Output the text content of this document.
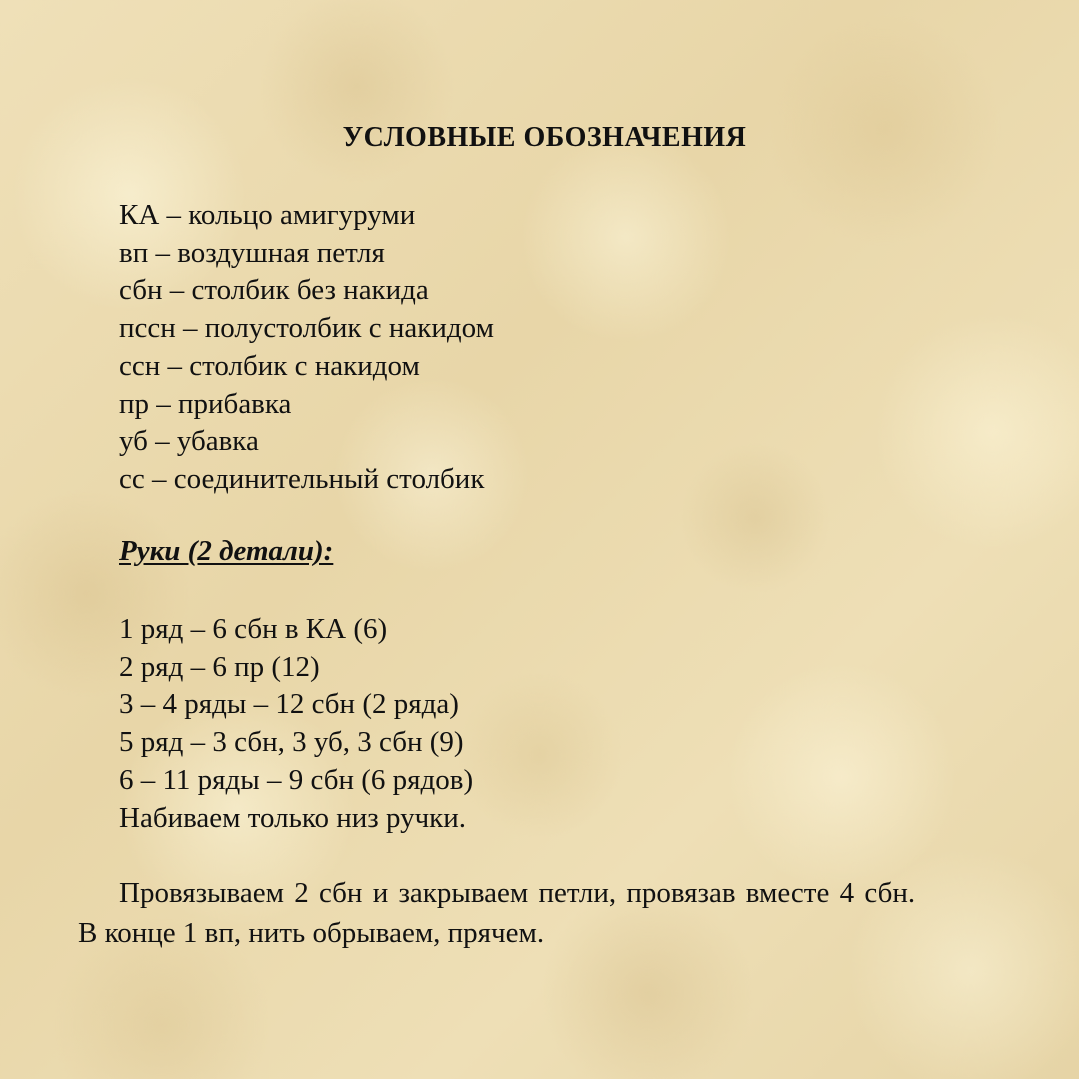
УСЛОВНЫЕ ОБОЗНАЧЕНИЯ
КА – кольцо амигуруми
вп – воздушная петля
сбн – столбик без накида
пссн – полустолбик с накидом
ссн – столбик с накидом
пр – прибавка
уб – убавка
сс – соединительный столбик
Руки (2 детали):
1 ряд – 6 сбн в КА (6)
2 ряд – 6 пр (12)
3 – 4 ряды – 12 сбн (2 ряда)
5 ряд – 3 сбн, 3 уб, 3 сбн (9)
6 – 11 ряды – 9 сбн (6 рядов)
Набиваем только низ ручки.

Провязываем 2 сбн и закрываем петли, провязав вместе 4 сбн.
В конце 1 вп, нить обрываем, прячем.
